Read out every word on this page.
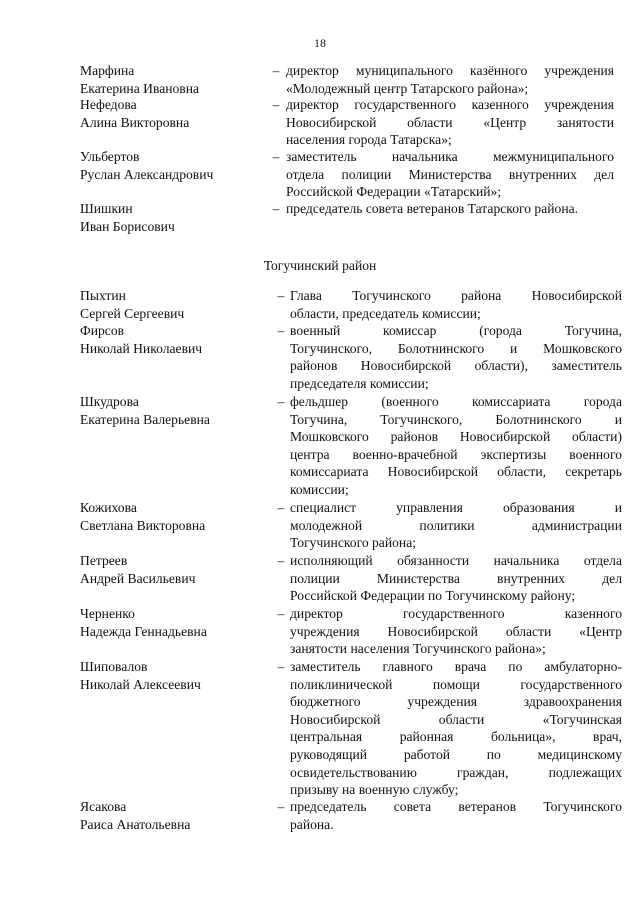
18
Марфина
Екатерина Ивановна
– директор муниципального казённого учреждения
«Молодежный центр Татарского района»;
Нефедова
Алина Викторовна
– директор государственного казенного учреждения
Новосибирской области «Центр занятости
населения города Татарска»;
Ульбертов
Руслан Александрович
– заместитель начальника межмуниципального
отдела полиции Министерства внутренних дел
Российской Федерации «Татарский»;
Шишкин
Иван Борисович
– председатель совета ветеранов Татарского района.
Тогучинский район
Пыхтин
Сергей Сергеевич
– Глава Тогучинского района Новосибирской
области, председатель комиссии;
Фирсов
Николай Николаевич
– военный комиссар (города Тогучина,
Тогучинского, Болотнинского и Мошковского
районов Новосибирской области), заместитель
председателя комиссии;
Шкудрова
Екатерина Валерьевна
– фельдшер (военного комиссариата города
Тогучина, Тогучинского, Болотнинского и
Мошковского районов Новосибирской области)
центра военно-врачебной экспертизы военного
комиссариата Новосибирской области, секретарь
комиссии;
Кожихова
Светлана Викторовна
– специалист управления образования и
молодежной политики администрации
Тогучинского района;
Петреев
Андрей Васильевич
– исполняющий обязанности начальника отдела
полиции Министерства внутренних дел
Российской Федерации по Тогучинскому району;
Черненко
Надежда Геннадьевна
– директор государственного казенного
учреждения Новосибирской области «Центр
занятости населения Тогучинского района»;
Шиповалов
Николай Алексеевич
– заместитель главного врача по амбулаторно-
поликлинической помощи государственного
бюджетного учреждения здравоохранения
Новосибирской области «Тогучинская
центральная районная больница», врач,
руководящий работой по медицинскому
освидетельствованию граждан, подлежащих
призыву на военную службу;
Ясакова
Раиса Анатольевна
– председатель совета ветеранов Тогучинского
района.
